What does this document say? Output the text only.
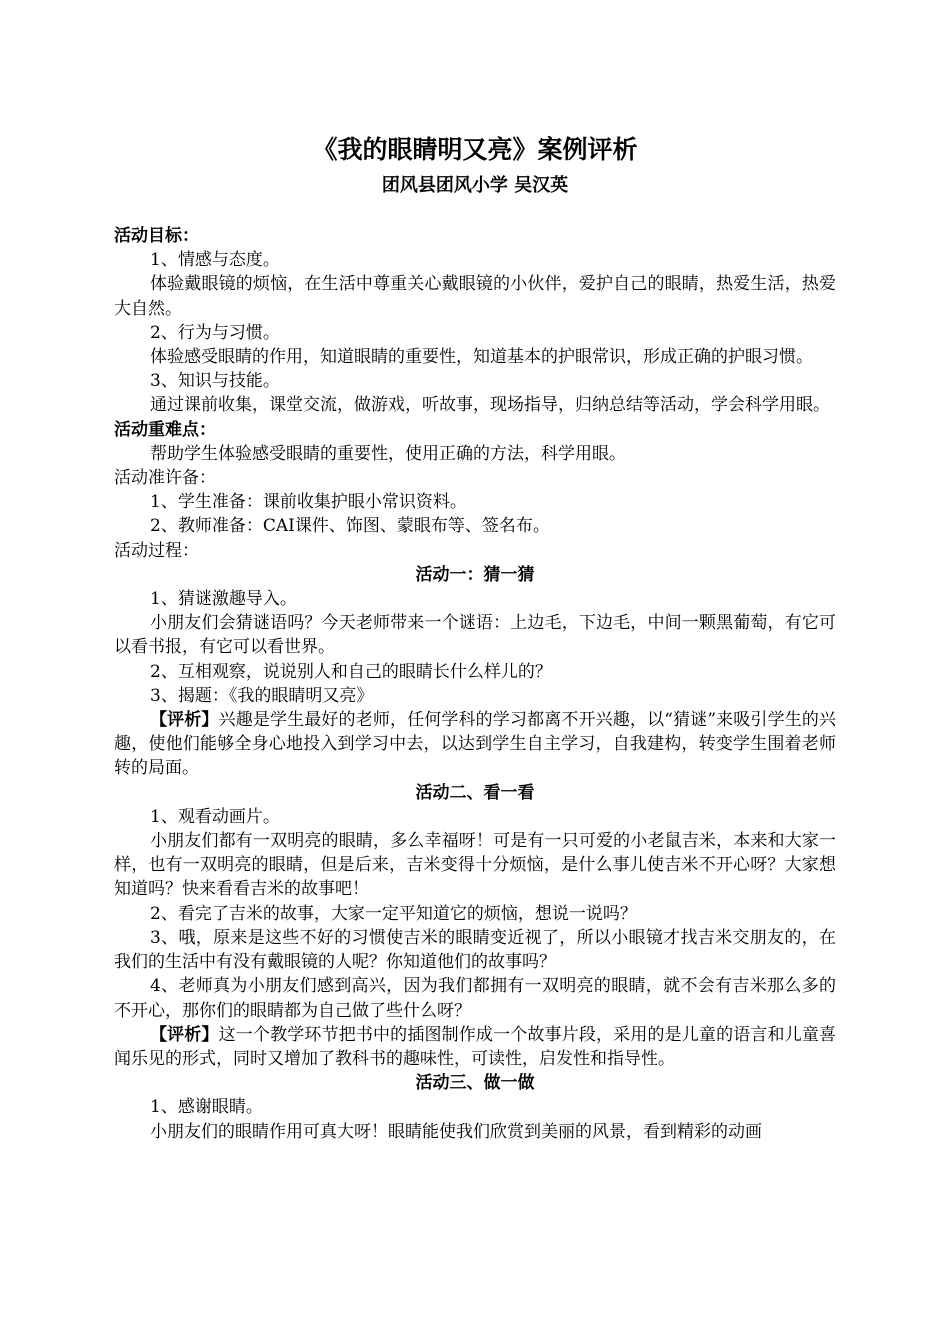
《我的眼睛明又亮》案例评析
团风县团风小学 吴汉英

活动目标：

1、情感与态度。

体验戴眼镜的烦恼，在生活中尊重关心戴眼镜的小伙伴，爱护自己的眼睛，热爱生活，热爱大自然。

2、行为与习惯。

体验感受眼睛的作用，知道眼睛的重要性，知道基本的护眼常识，形成正确的护眼习惯。

3、知识与技能。

通过课前收集，课堂交流，做游戏，听故事，现场指导，归纳总结等活动，学会科学用眼。

活动重难点：

帮助学生体验感受眼睛的重要性，使用正确的方法，科学用眼。

活动准许备：

1、学生准备：课前收集护眼小常识资料。

2、教师准备：CAI课件、饰图、蒙眼布等、签名布。

活动过程：

活动一：猜一猜

1、猜谜激趣导入。

小朋友们会猜谜语吗？今天老师带来一个谜语：上边毛，下边毛，中间一颗黑葡萄，有它可以看书报，有它可以看世界。

2、互相观察，说说别人和自己的眼睛长什么样儿的？

3、揭题：《我的眼睛明又亮》

【评析】兴趣是学生最好的老师，任何学科的学习都离不开兴趣，以“猜谜”来吸引学生的兴趣，使他们能够全身心地投入到学习中去，以达到学生自主学习，自我建构，转变学生围着老师转的局面。

活动二、看一看

1、观看动画片。

小朋友们都有一双明亮的眼睛，多么幸福呀！可是有一只可爱的小老鼠吉米，本来和大家一样，也有一双明亮的眼睛，但是后来，吉米变得十分烦恼，是什么事儿使吉米不开心呀？大家想知道吗？快来看看吉米的故事吧！

2、看完了吉米的故事，大家一定平知道它的烦恼，想说一说吗？

3、哦，原来是这些不好的习惯使吉米的眼睛变近视了，所以小眼镜才找吉米交朋友的，在我们的生活中有没有戴眼镜的人呢？你知道他们的故事吗？

4、老师真为小朋友们感到高兴，因为我们都拥有一双明亮的眼睛，就不会有吉米那么多的不开心，那你们的眼睛都为自己做了些什么呀？

【评析】这一个教学环节把书中的插图制作成一个故事片段，采用的是儿童的语言和儿童喜闻乐见的形式，同时又增加了教科书的趣味性，可读性，启发性和指导性。

活动三、做一做

1、感谢眼睛。

小朋友们的眼睛作用可真大呀！眼睛能使我们欣赏到美丽的风景，看到精彩的动画
